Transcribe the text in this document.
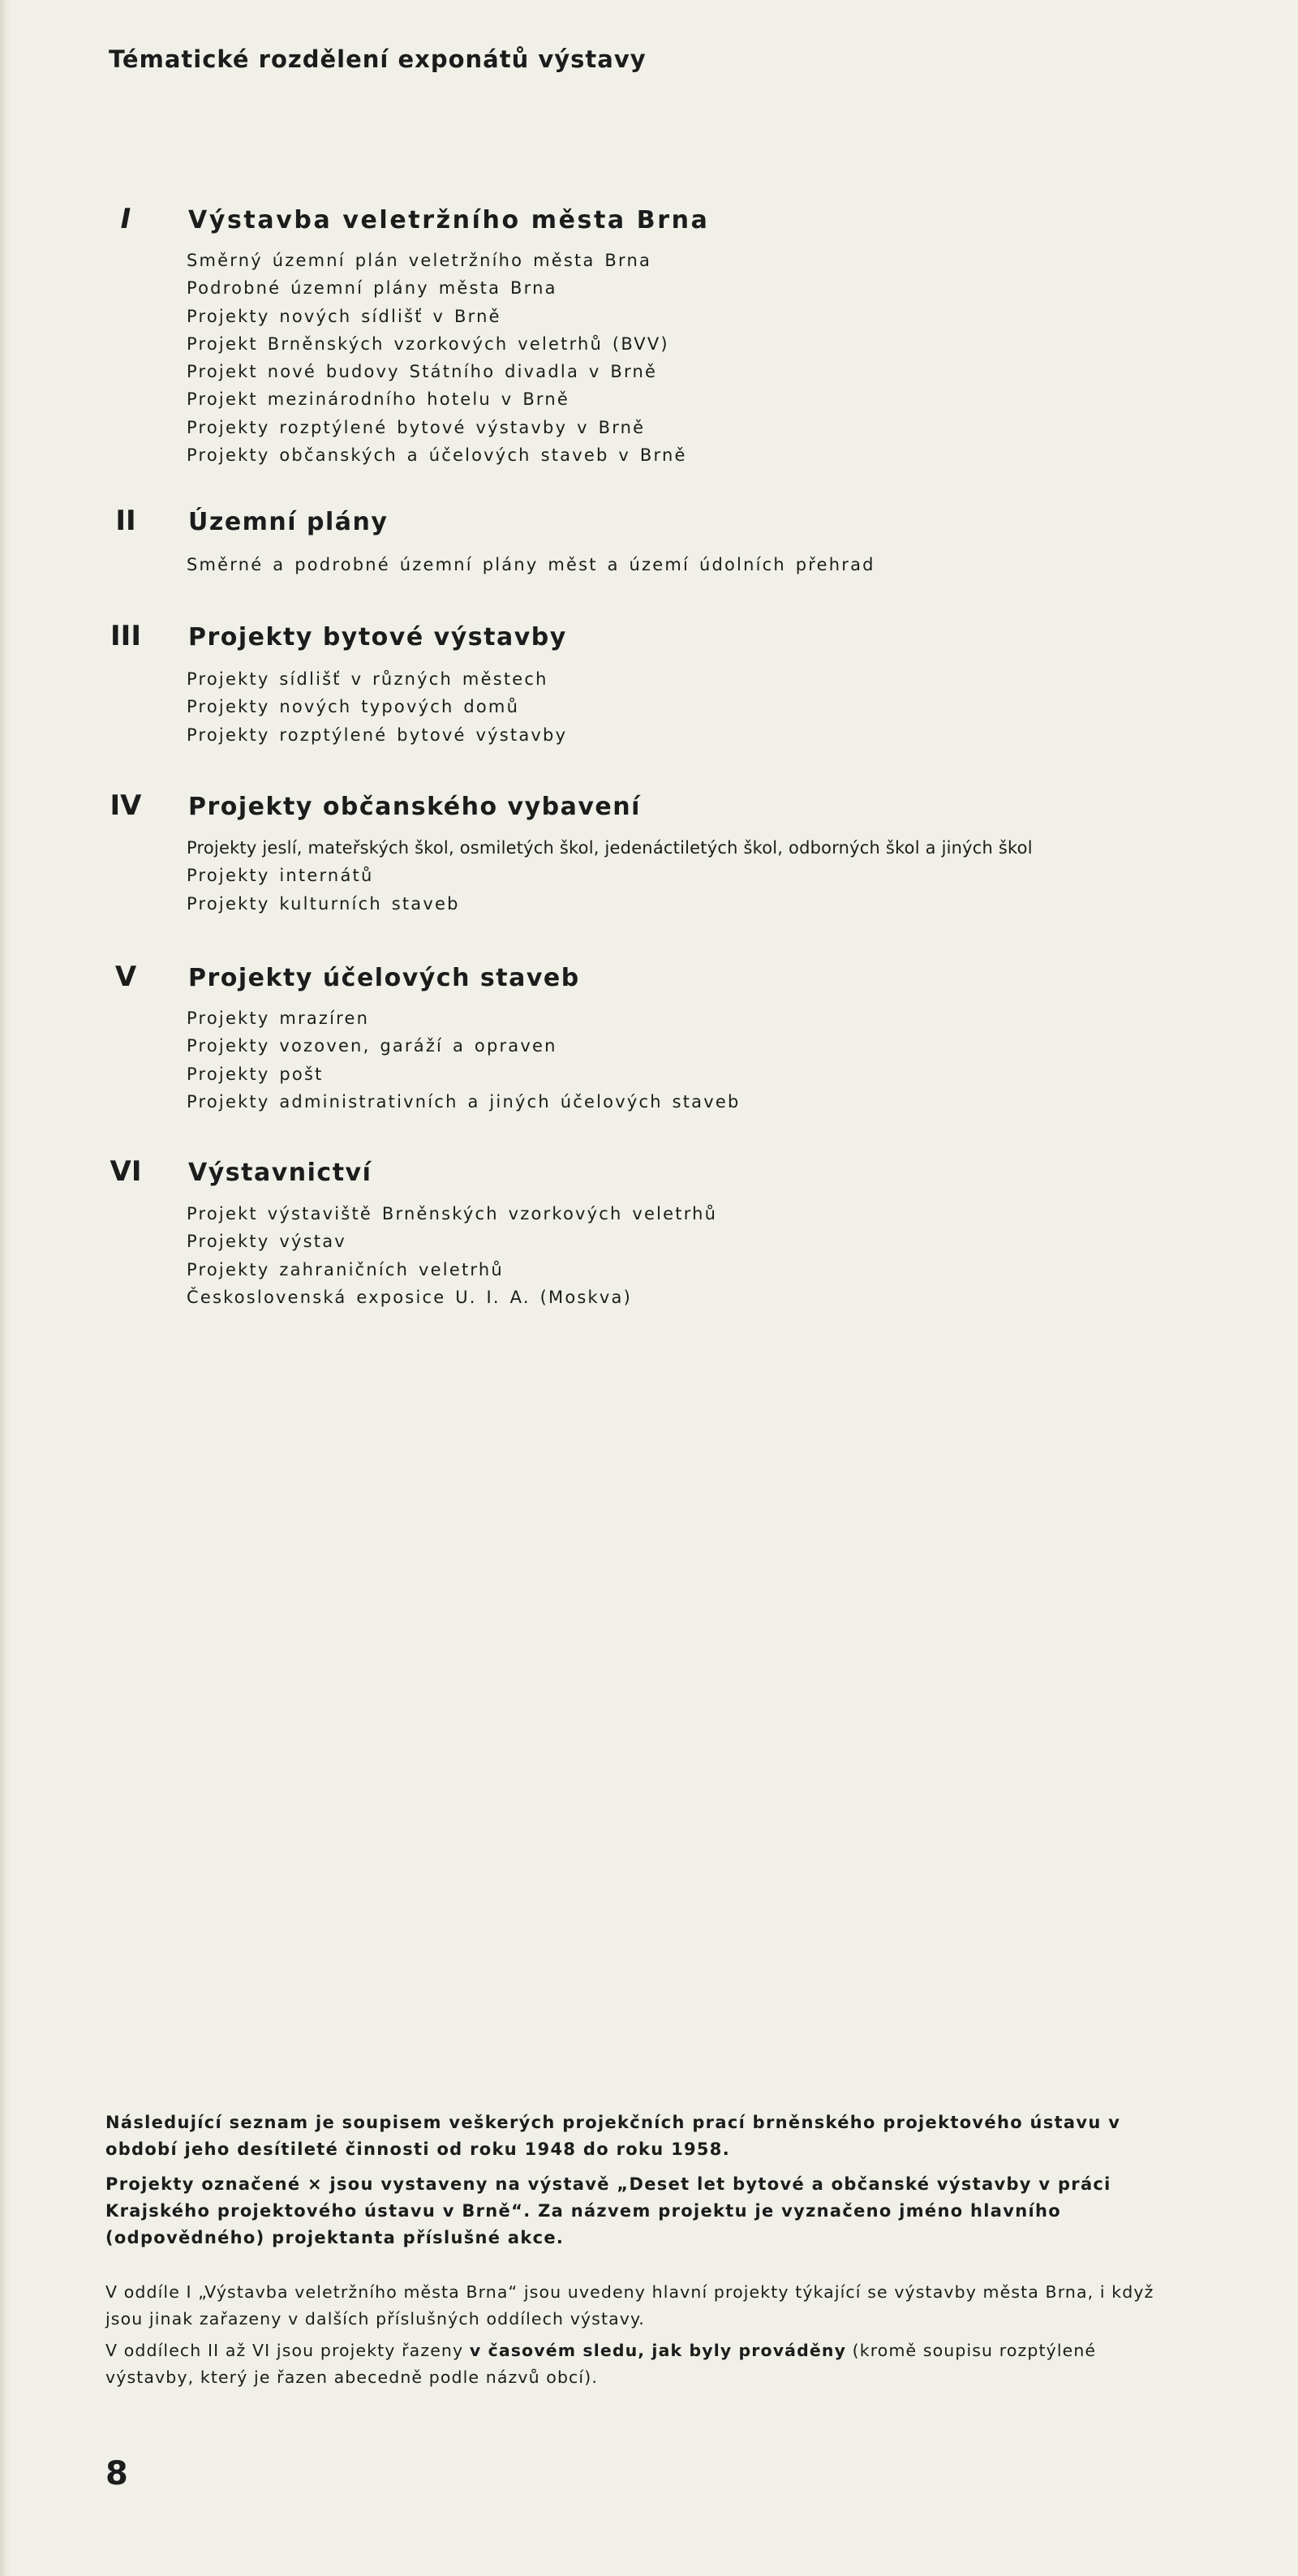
Tématické rozdělení exponátů výstavy
I	Výstavba veletržního města Brna
Směrný územní plán veletržního města Brna
Podrobné územní plány města Brna
Projekty nových sídlišť v Brně
Projekt Brněnských vzorkových veletrhů (BVV)
Projekt nové budovy Státního divadla v Brně
Projekt mezinárodního hotelu v Brně
Projekty rozptýlené bytové výstavby v Brně
Projekty občanských a účelových staveb v Brně
II	Územní plány
Směrné a podrobné územní plány měst a území údolních přehrad
III	Projekty bytové výstavby
Projekty sídlišť v různých městech
Projekty nových typových domů
Projekty rozptýlené bytové výstavby
IV	Projekty občanského vybavení
Projekty jeslí, mateřských škol, osmiletých škol, jedenáctiletých škol, odborných škol a jiných škol
Projekty internátů
Projekty kulturních staveb
V	Projekty účelových staveb
Projekty mrazíren
Projekty vozoven, garáží a opraven
Projekty pošt
Projekty administrativních a jiných účelových staveb
VI	Výstavnictví
Projekt výstaviště Brněnských vzorkových veletrhů
Projekty výstav
Projekty zahraničních veletrhů
Československá exposice U. I. A. (Moskva)

Následující seznam je soupisem veškerých projekčních prací brněnského projektového ústavu v období jeho desítileté činnosti od roku 1948 do roku 1958.

Projekty označené × jsou vystaveny na výstavě „Deset let bytové a občanské výstavby v práci Krajského projektového ústavu v Brně“. Za názvem projektu je vyznačeno jméno hlavního (odpovědného) projektanta příslušné akce.

V oddíle I „Výstavba veletržního města Brna“ jsou uvedeny hlavní projekty týkající se výstavby města Brna, i když jsou jinak zařazeny v dalších příslušných oddílech výstavy.

V oddílech II až VI jsou projekty řazeny v časovém sledu, jak byly prováděny (kromě soupisu rozptýlené výstavby, který je řazen abecedně podle názvů obcí).

8
